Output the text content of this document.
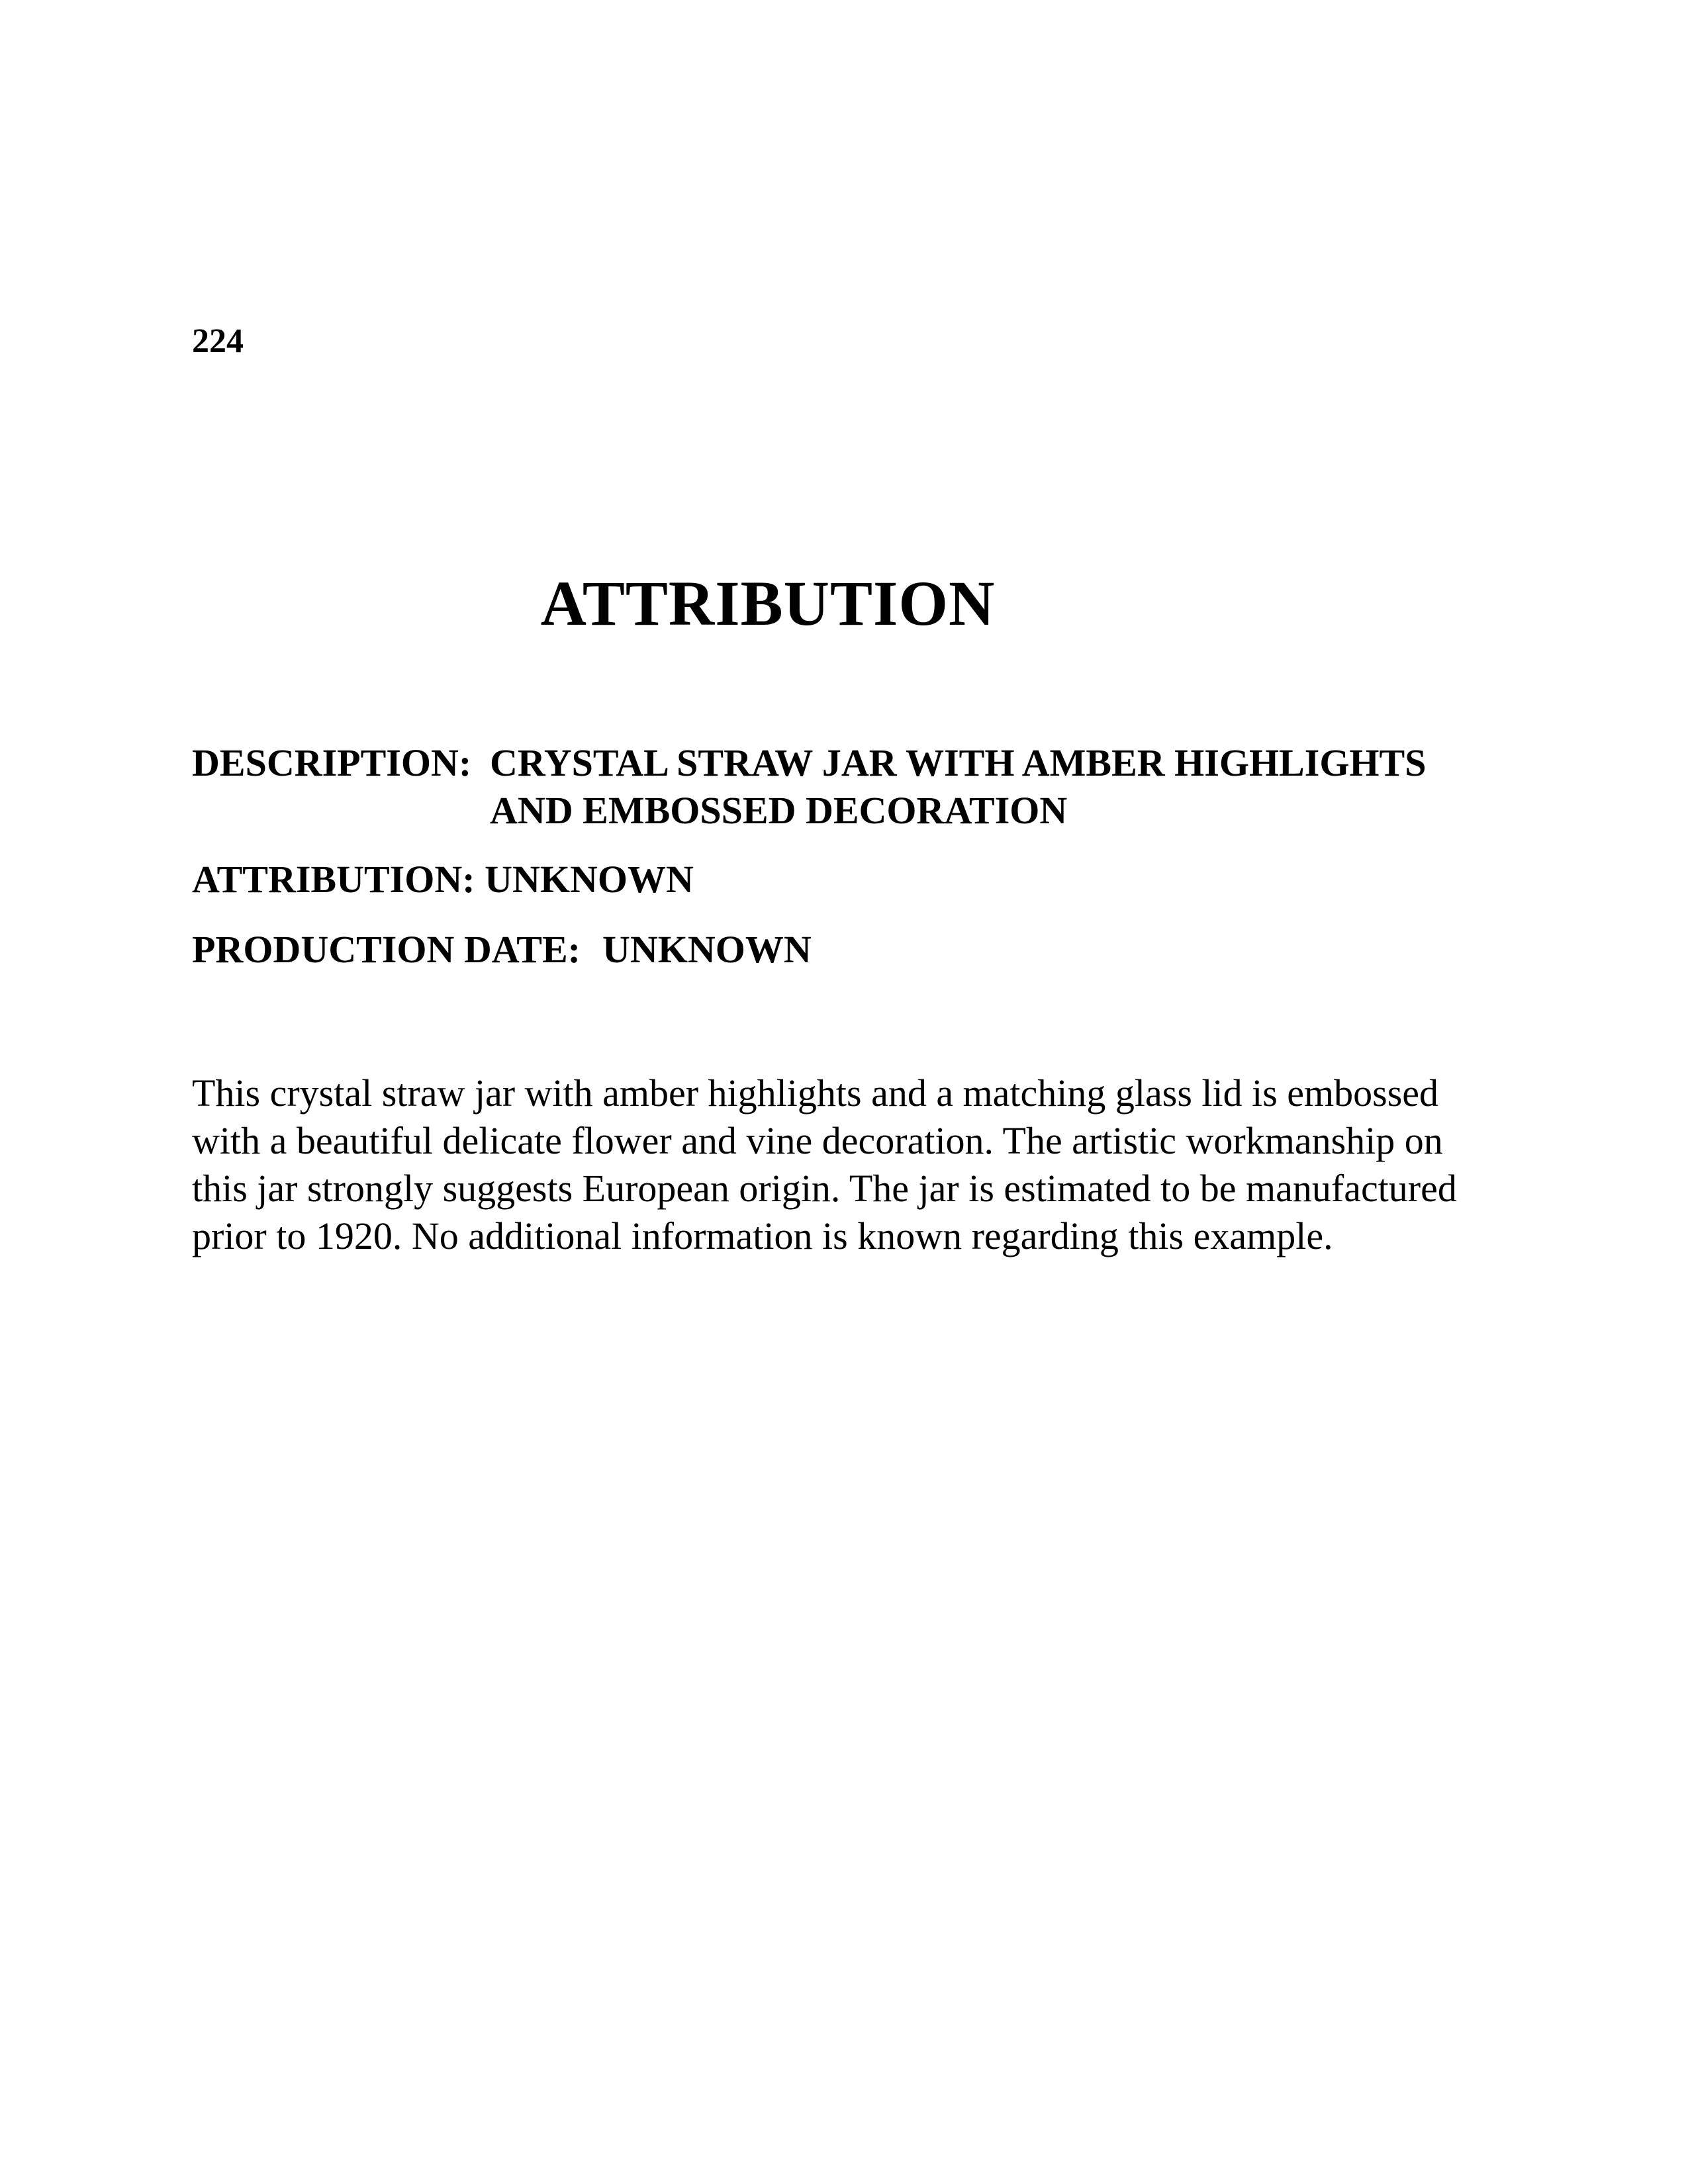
224
ATTRIBUTION
DESCRIPTION: CRYSTAL STRAW JAR WITH AMBER HIGHLIGHTS
AND EMBOSSED DECORATION
ATTRIBUTION: UNKNOWN
PRODUCTION DATE: UNKNOWN
This crystal straw jar with amber highlights and a matching glass lid is embossed
with a beautiful delicate flower and vine decoration. The artistic workmanship on
this jar strongly suggests European origin. The jar is estimated to be manufactured
prior to 1920. No additional information is known regarding this example.
